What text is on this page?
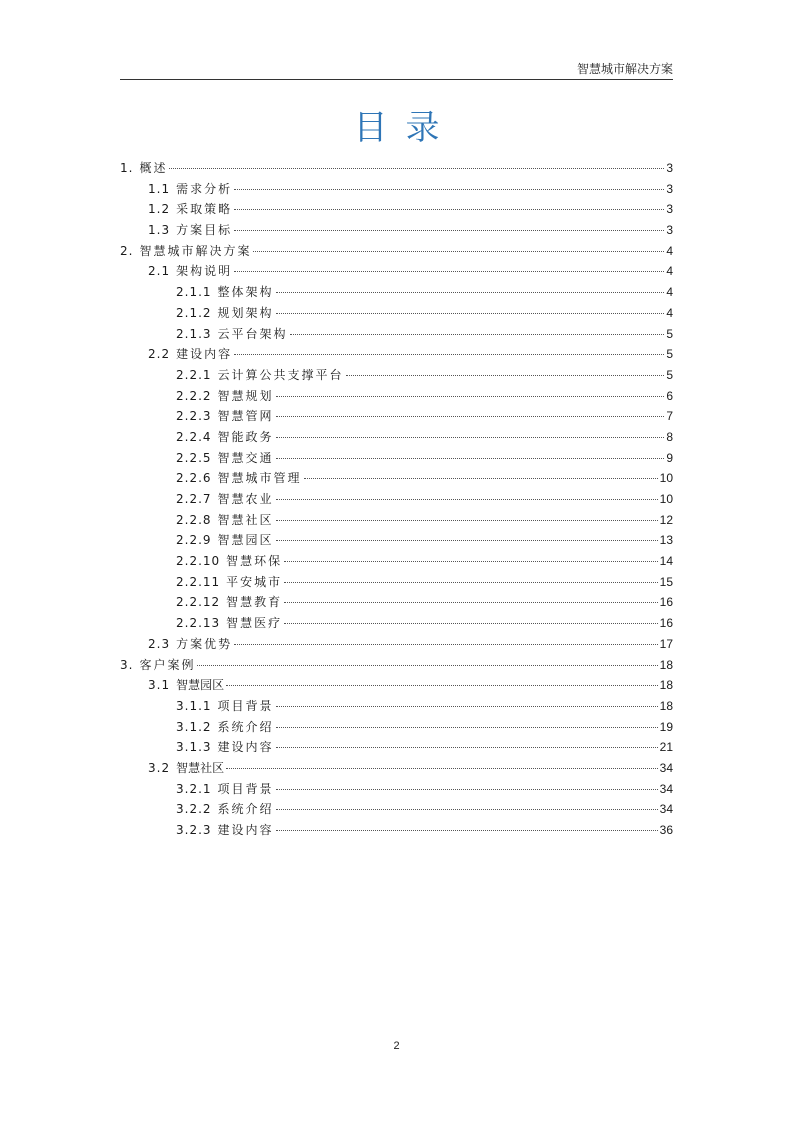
智慧城市解决方案
目录
1. 概述	3
1.1 需求分析	3
1.2 采取策略	3
1.3 方案目标	3
2. 智慧城市解决方案	4
2.1 架构说明	4
2.1.1 整体架构	4
2.1.2 规划架构	4
2.1.3 云平台架构	5
2.2 建设内容	5
2.2.1 云计算公共支撑平台	5
2.2.2 智慧规划	6
2.2.3 智慧管网	7
2.2.4 智能政务	8
2.2.5 智慧交通	9
2.2.6 智慧城市管理	10
2.2.7 智慧农业	10
2.2.8 智慧社区	12
2.2.9 智慧园区	13
2.2.10 智慧环保	14
2.2.11 平安城市	15
2.2.12 智慧教育	16
2.2.13 智慧医疗	16
2.3 方案优势	17
3. 客户案例	18
3.1 智慧园区	18
3.1.1 项目背景	18
3.1.2 系统介绍	19
3.1.3 建设内容	21
3.2 智慧社区	34
3.2.1 项目背景	34
3.2.2 系统介绍	34
3.2.3 建设内容	36
2
